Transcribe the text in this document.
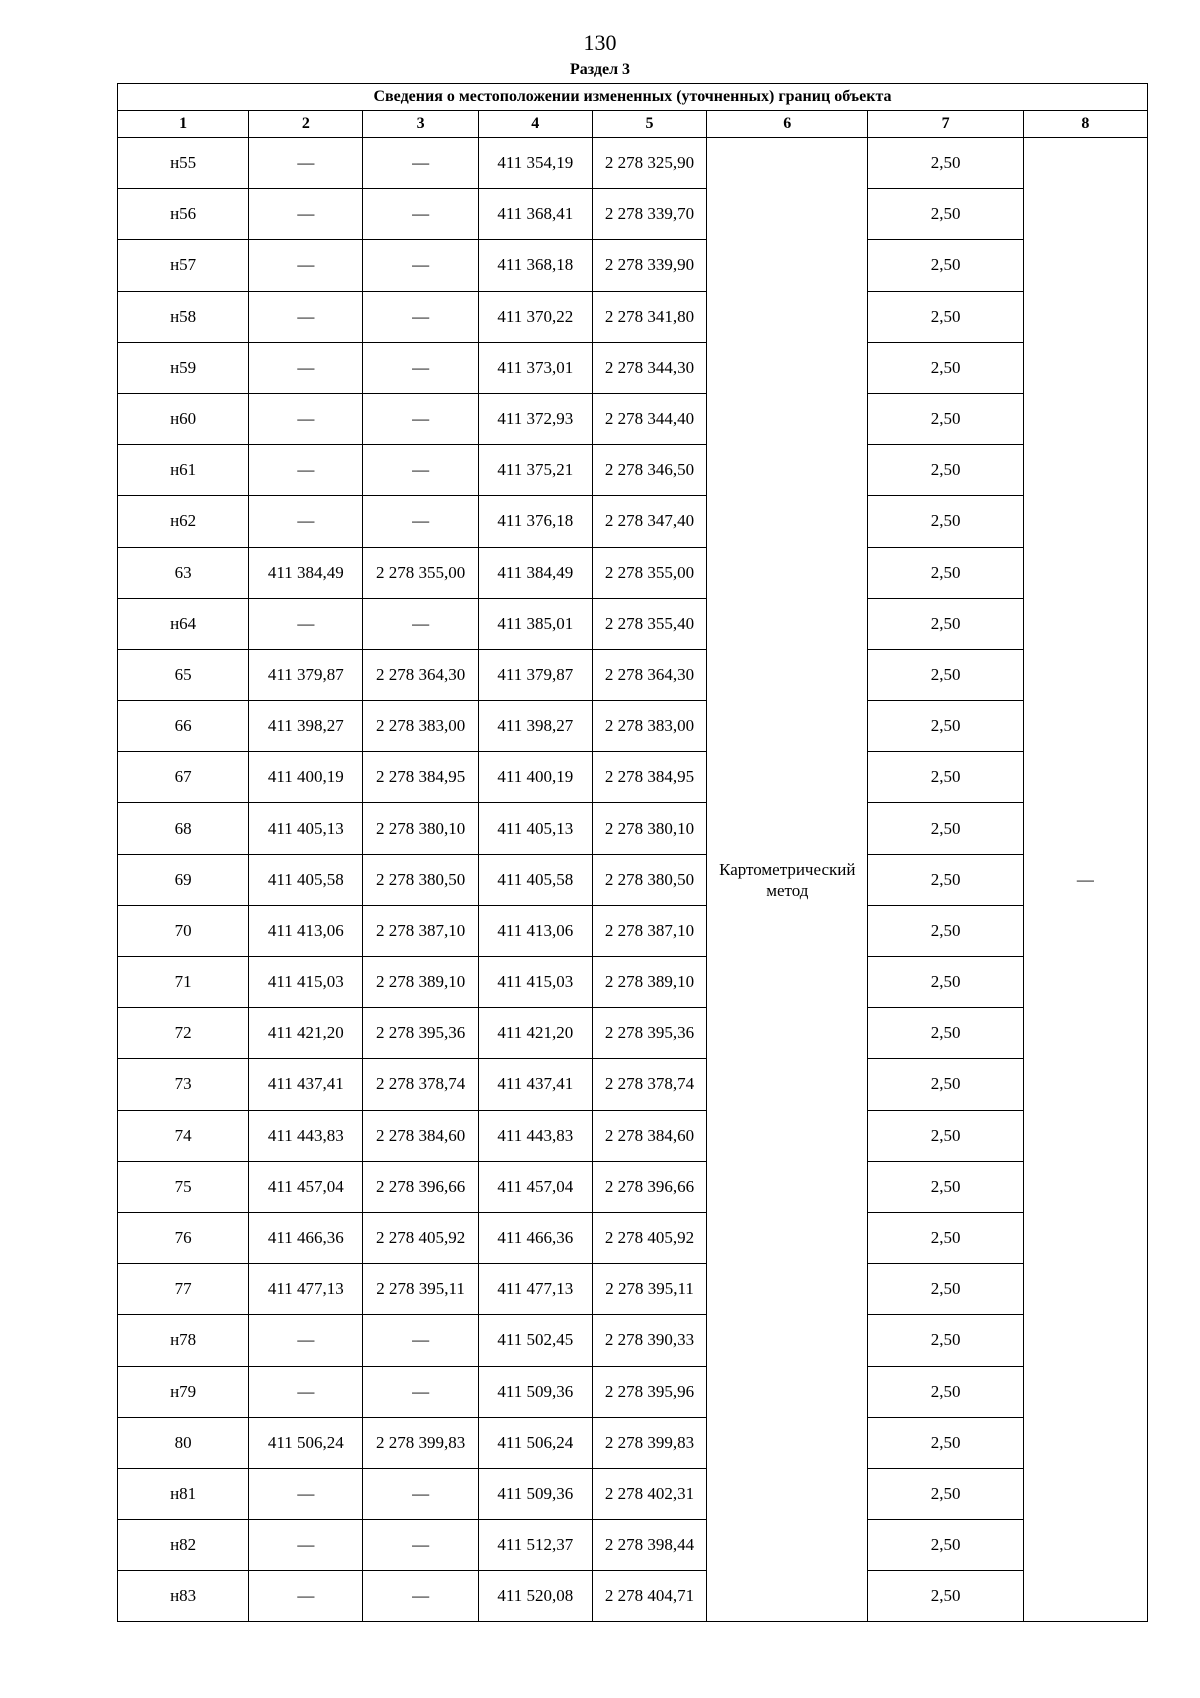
130
Раздел 3
Сведения о местоположении измененных (уточненных) границ объекта							
1	2	3	4	5	6	7	8
н55	—	—	411 354,19	2 278 325,90	Картометрический метод	2,50	—
н56	—	—	411 368,41	2 278 339,70		2,50	
н57	—	—	411 368,18	2 278 339,90		2,50	
н58	—	—	411 370,22	2 278 341,80		2,50	
н59	—	—	411 373,01	2 278 344,30		2,50	
н60	—	—	411 372,93	2 278 344,40		2,50	
н61	—	—	411 375,21	2 278 346,50		2,50	
н62	—	—	411 376,18	2 278 347,40		2,50	
63	411 384,49	2 278 355,00	411 384,49	2 278 355,00		2,50	
н64	—	—	411 385,01	2 278 355,40		2,50	
65	411 379,87	2 278 364,30	411 379,87	2 278 364,30		2,50	
66	411 398,27	2 278 383,00	411 398,27	2 278 383,00		2,50	
67	411 400,19	2 278 384,95	411 400,19	2 278 384,95		2,50	
68	411 405,13	2 278 380,10	411 405,13	2 278 380,10		2,50	
69	411 405,58	2 278 380,50	411 405,58	2 278 380,50		2,50	
70	411 413,06	2 278 387,10	411 413,06	2 278 387,10		2,50	
71	411 415,03	2 278 389,10	411 415,03	2 278 389,10		2,50	
72	411 421,20	2 278 395,36	411 421,20	2 278 395,36		2,50	
73	411 437,41	2 278 378,74	411 437,41	2 278 378,74		2,50	
74	411 443,83	2 278 384,60	411 443,83	2 278 384,60		2,50	
75	411 457,04	2 278 396,66	411 457,04	2 278 396,66		2,50	
76	411 466,36	2 278 405,92	411 466,36	2 278 405,92		2,50	
77	411 477,13	2 278 395,11	411 477,13	2 278 395,11		2,50	
н78	—	—	411 502,45	2 278 390,33		2,50	
н79	—	—	411 509,36	2 278 395,96		2,50	
80	411 506,24	2 278 399,83	411 506,24	2 278 399,83		2,50	
н81	—	—	411 509,36	2 278 402,31		2,50	
н82	—	—	411 512,37	2 278 398,44		2,50	
н83	—	—	411 520,08	2 278 404,71		2,50	
